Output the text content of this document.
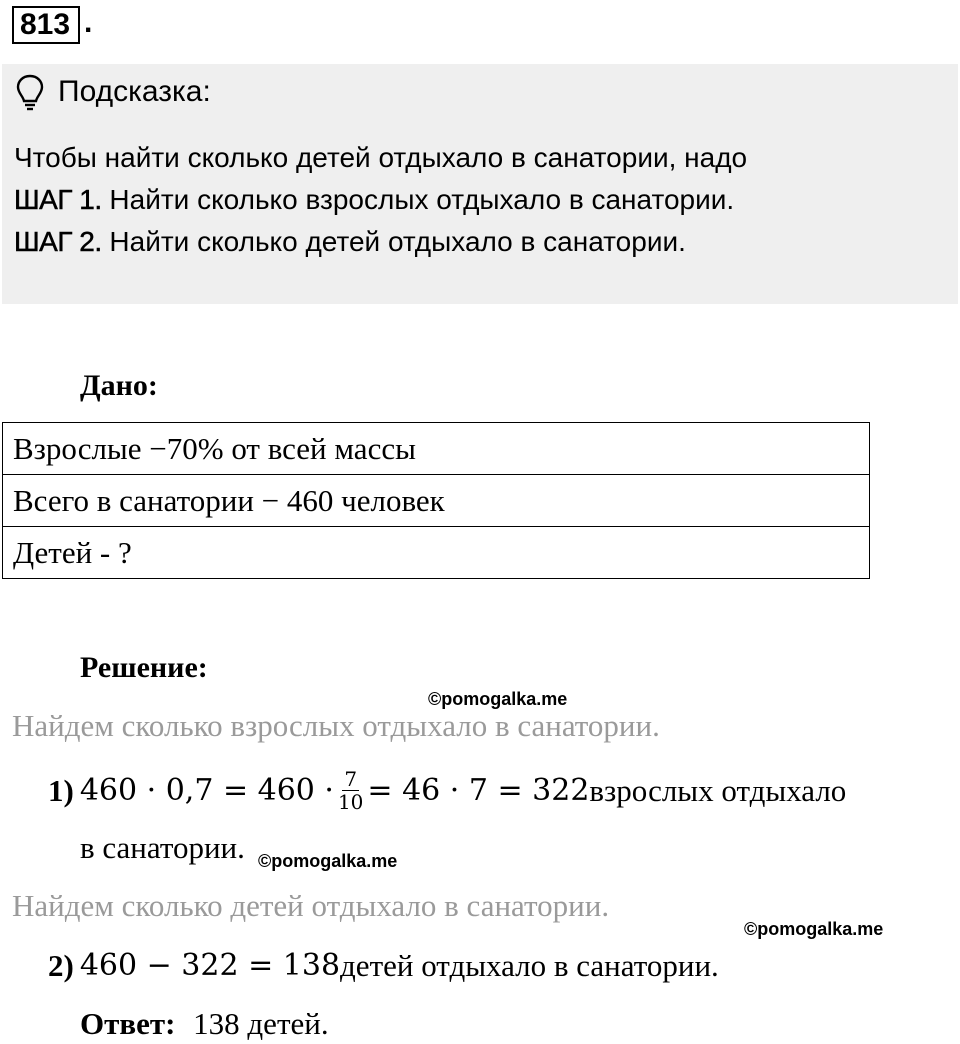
813 .
Подсказка:
Чтобы найти сколько детей отдыхало в санатории, надо
ШАГ 1. Найти сколько взрослых отдыхало в санатории.
ШАГ 2. Найти сколько детей отдыхало в санатории.
Дано:
Взрослые −70% от всей массы
Всего в санатории − 460 человек
Детей - ?
Решение:
©pomogalka.me
Найдем сколько взрослых отдыхало в санатории.
1) $460 \cdot 0,7 = 460 \cdot \frac{7}{10} = 46 \cdot 7 = 322$ взрослых отдыхало
в санатории. ©pomogalka.me
Найдем сколько детей отдыхало в санатории.
©pomogalka.me
2) 460 − 322 = 138 детей отдыхало в санатории.
Ответ: 138 детей.
